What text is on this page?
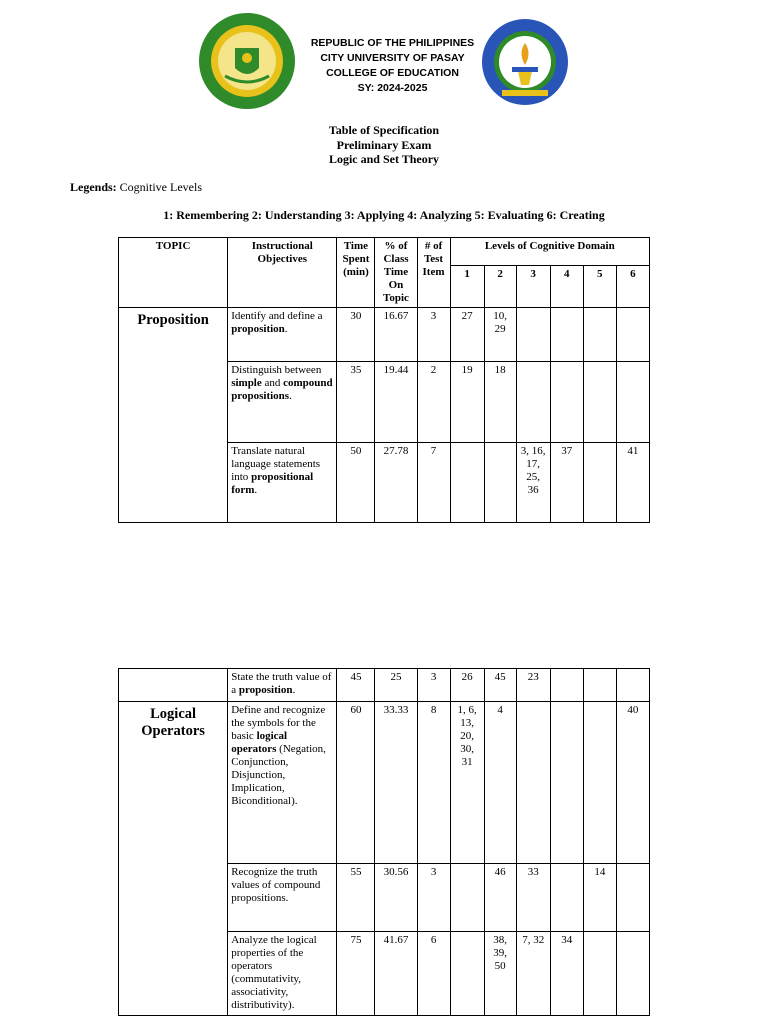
REPUBLIC OF THE PHILIPPINES
CITY UNIVERSITY OF PASAY
COLLEGE OF EDUCATION
SY: 2024-2025
Table of Specification
Preliminary Exam
Logic and Set Theory
Legends: Cognitive Levels
1: Remembering 2: Understanding 3: Applying 4: Analyzing 5: Evaluating 6: Creating
TOPIC	Instructional Objectives	Time Spent (min)	% of Class Time On Topic	# of Test Item	Levels of Cognitive Domain					
					1	2	3	4	5	6
Proposition	Identify and define a proposition.	30	16.67	3	27	10, 29				
	Distinguish between simple and compound propositions.	35	19.44	2	19	18				
	Translate natural language statements into propositional form.	50	27.78	7			3, 16, 17, 25, 36	37		41
	State the truth value of a proposition.	45	25	3	26	45	23			
Logical Operators	Define and recognize the symbols for the basic logical operators (Negation, Conjunction, Disjunction, Implication, Biconditional).	60	33.33	8	1, 6, 13, 20, 30, 31	4				40
	Recognize the truth values of compound propositions.	55	30.56	3		46	33		14	
	Analyze the logical properties of the operators (commutativity, associativity, distributivity).	75	41.67	6		38, 39, 50	7, 32	34		
